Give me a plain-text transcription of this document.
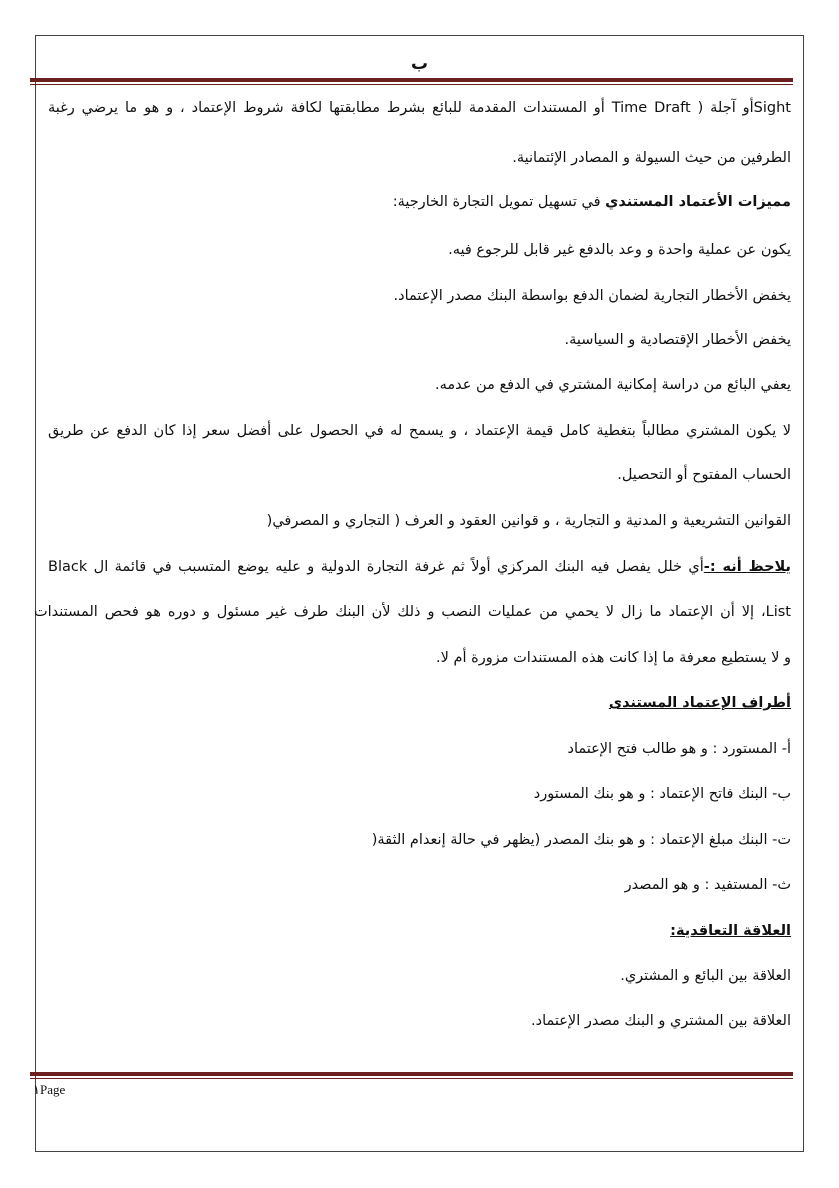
ب
Sightأو آجلة ( Time Draft أو المستندات المقدمة للبائع بشرط مطابقتها لكافة شروط الإعتماد ، و هو ما يرضي رغبة
الطرفين من حيث السيولة و المصادر الإئتمانية.
مميزات الأعتماد المستندي في تسهيل تمويل التجارة الخارجية:
يكون عن عملية واحدة و وعد بالدفع غير قابل للرجوع فيه.
يخفض الأخطار التجارية لضمان الدفع بواسطة البنك مصدر الإعتماد.
يخفض الأخطار الإقتصادية و السياسية.
يعفي البائع من دراسة إمكانية المشتري في الدفع من عدمه.
لا يكون المشتري مطالباً بتغطية كامل قيمة الإعتماد ، و يسمح له في الحصول على أفضل سعر إذا كان الدفع عن طريق
الحساب المفتوح أو التحصيل.
القوانين التشريعية و المدنية و التجارية ، و قوانين العقود و العرف ( التجاري و المصرفي(
يلاحظ أنه :-أي خلل يفصل فيه البنك المركزي أولاً ثم غرفة التجارة الدولية و عليه يوضع المتسبب في قائمة ال Black
List، إلا أن الإعتماد ما زال لا يحمي من عمليات النصب و ذلك لأن البنك طرف غير مسئول و دوره هو فحص المستندات
و لا يستطيع معرفة ما إذا كانت هذه المستندات مزورة أم لا.
أطراف الإعتماد المستندى
أ- المستورد : و هو طالب فتح الإعتماد
ب- البنك فاتح الإعتماد : و هو بنك المستورد
ت- البنك مبلغ الإعتماد : و هو بنك المصدر (يظهر في حالة إنعدام الثقة(
ث- المستفيد : و هو المصدر
العلاقة التعاقدية:
العلاقة بين البائع و المشتري.
العلاقة بين المشتري و البنك مصدر الإعتماد.
١Page
